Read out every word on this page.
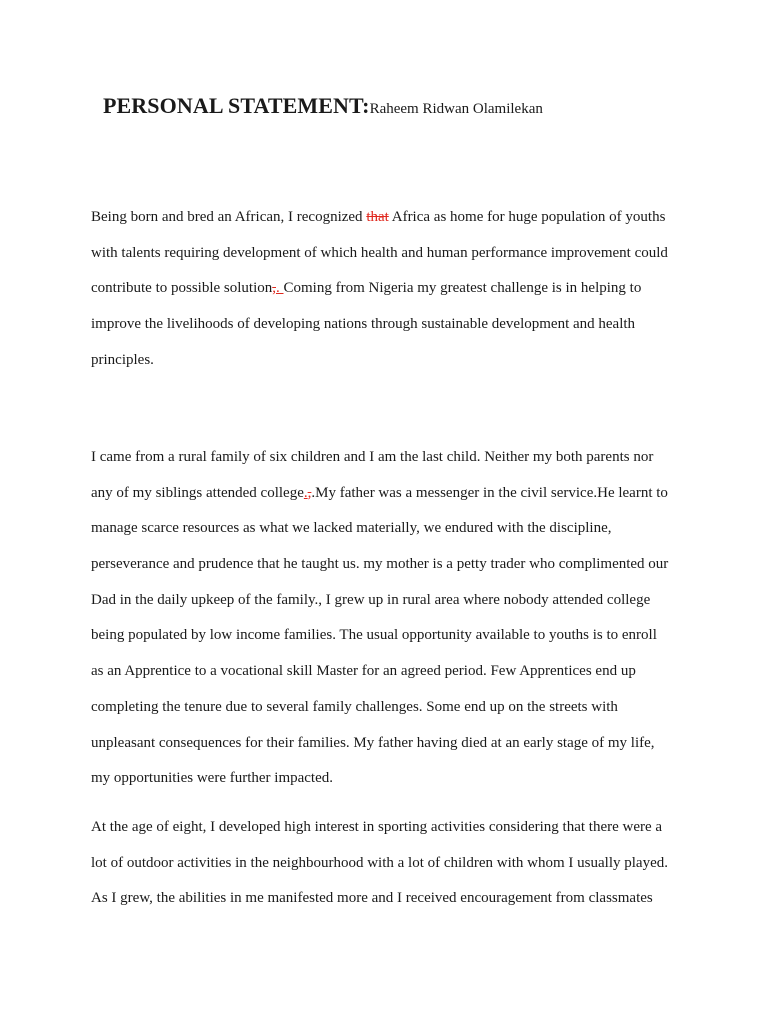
PERSONAL STATEMENT:Raheem Ridwan Olamilekan
Being born and bred an African, I recognized that Africa as home for huge population of youths
with talents requiring development of which health and human performance improvement could
contribute to possible solution,. Coming from Nigeria my greatest challenge is in helping to
improve the livelihoods of developing nations through sustainable development and health
principles.
I came from a rural family of six children and I am the last child. Neither my both parents nor
any of my siblings attended college.,.My father was a messenger in the civil service.He learnt to
manage scarce resources as what we lacked materially, we endured with the discipline,
perseverance and prudence that he taught us. my mother is a petty trader who complimented our
Dad in the daily upkeep of the family., I grew up in rural area where nobody attended college
being populated by low income families. The usual opportunity available to youths is to enroll
as an Apprentice to a vocational skill Master for an agreed period. Few Apprentices end up
completing the tenure due to several family challenges. Some end up on the streets with
unpleasant consequences for their families. My father having died at an early stage of my life,
my opportunities were further impacted.
At the age of eight, I developed high interest in sporting activities considering that there were a
lot of outdoor activities in the neighbourhood with a lot of children with whom I usually played.
As I grew, the abilities in me manifested more and I received encouragement from classmates
